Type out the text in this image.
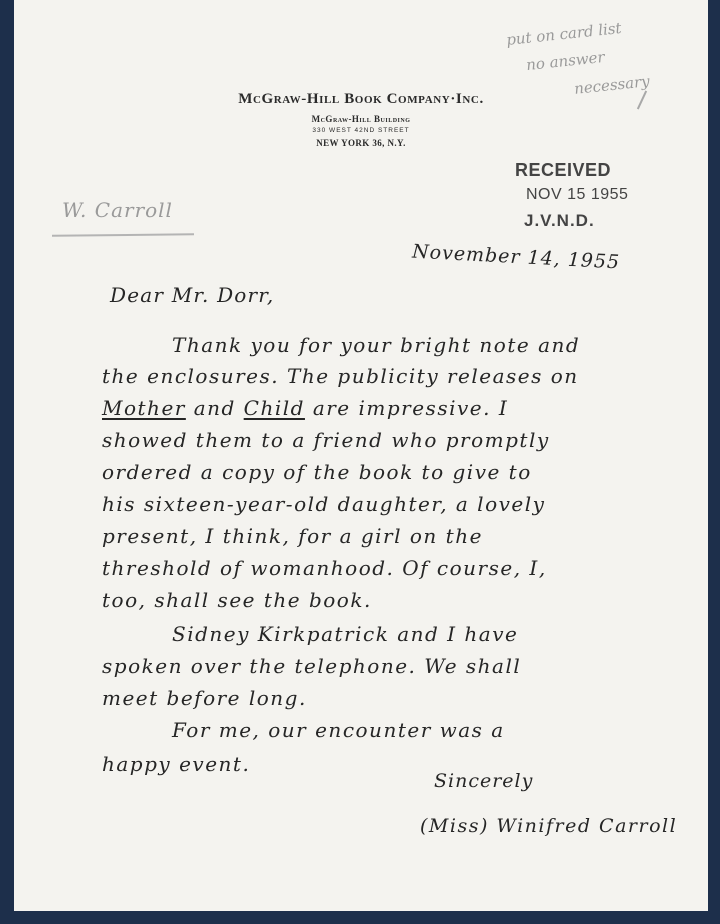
McGraw-Hill Book Company·Inc.
McGraw-Hill Building
330 WEST 42ND STREET
NEW YORK 36, N.Y.
put on card list
no answer
necessary
RECEIVED
NOV 15 1955
J.V.N.D.
W. Carroll
November 14, 1955
Dear Mr. Dorr,
Thank you for your bright note and
the enclosures. The publicity releases on
Mother and Child are impressive. I
showed them to a friend who promptly
ordered a copy of the book to give to
his sixteen-year-old daughter, a lovely
present, I think, for a girl on the
threshold of womanhood. Of course, I,
too, shall see the book.
Sidney Kirkpatrick and I have
spoken over the telephone. We shall
meet before long.
For me, our encounter was a
happy event.
Sincerely
(Miss) Winifred Carroll
